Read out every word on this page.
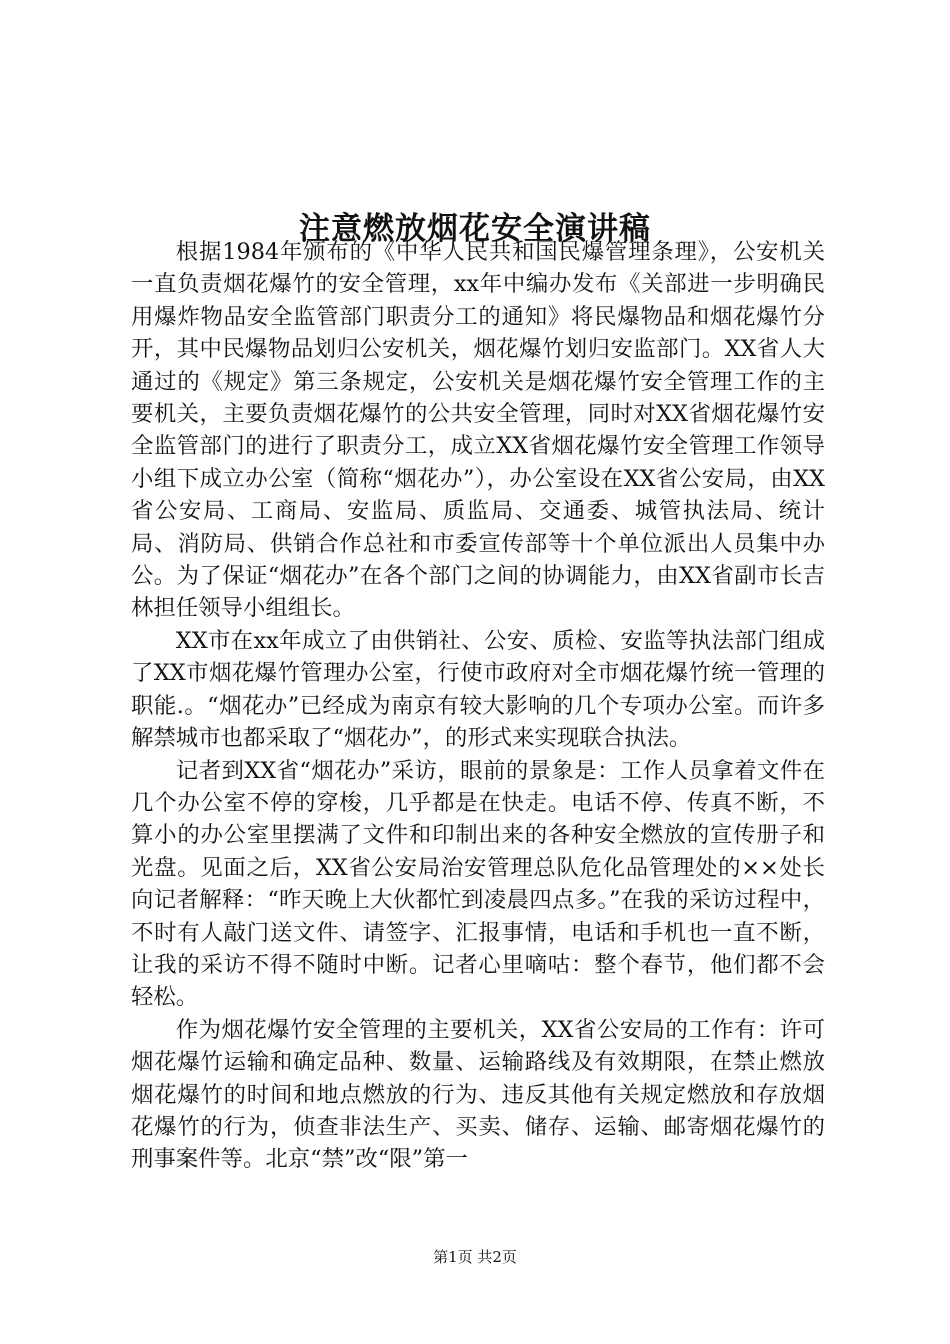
注意燃放烟花安全演讲稿

根据1984年颁布的《中华人民共和国民爆管理条理》，公安机关一直负责烟花爆竹的安全管理，xx年中编办发布《关部进一步明确民用爆炸物品安全监管部门职责分工的通知》将民爆物品和烟花爆竹分开，其中民爆物品划归公安机关，烟花爆竹划归安监部门。XX省人大通过的《规定》第三条规定，公安机关是烟花爆竹安全管理工作的主要机关，主要负责烟花爆竹的公共安全管理，同时对XX省烟花爆竹安全监管部门的进行了职责分工，成立XX省烟花爆竹安全管理工作领导小组下成立办公室（简称“烟花办”），办公室设在XX省公安局，由XX省公安局、工商局、安监局、质监局、交通委、城管执法局、统计局、消防局、供销合作总社和市委宣传部等十个单位派出人员集中办公。为了保证“烟花办”在各个部门之间的协调能力，由XX省副市长吉林担任领导小组组长。

XX市在xx年成立了由供销社、公安、质检、安监等执法部门组成了XX市烟花爆竹管理办公室，行使市政府对全市烟花爆竹统一管理的职能.。“烟花办”已经成为南京有较大影响的几个专项办公室。而许多解禁城市也都采取了“烟花办”，的形式来实现联合执法。

记者到XX省“烟花办”采访，眼前的景象是：工作人员拿着文件在几个办公室不停的穿梭，几乎都是在快走。电话不停、传真不断，不算小的办公室里摆满了文件和印制出来的各种安全燃放的宣传册子和光盘。见面之后，XX省公安局治安管理总队危化品管理处的××处长向记者解释：“昨天晚上大伙都忙到凌晨四点多。”在我的采访过程中，不时有人敲门送文件、请签字、汇报事情，电话和手机也一直不断，让我的采访不得不随时中断。记者心里嘀咕：整个春节，他们都不会轻松。

作为烟花爆竹安全管理的主要机关，XX省公安局的工作有：许可烟花爆竹运输和确定品种、数量、运输路线及有效期限，在禁止燃放烟花爆竹的时间和地点燃放的行为、违反其他有关规定燃放和存放烟花爆竹的行为，侦查非法生产、买卖、储存、运输、邮寄烟花爆竹的刑事案件等。北京“禁”改“限”第一

第1页 共2页
